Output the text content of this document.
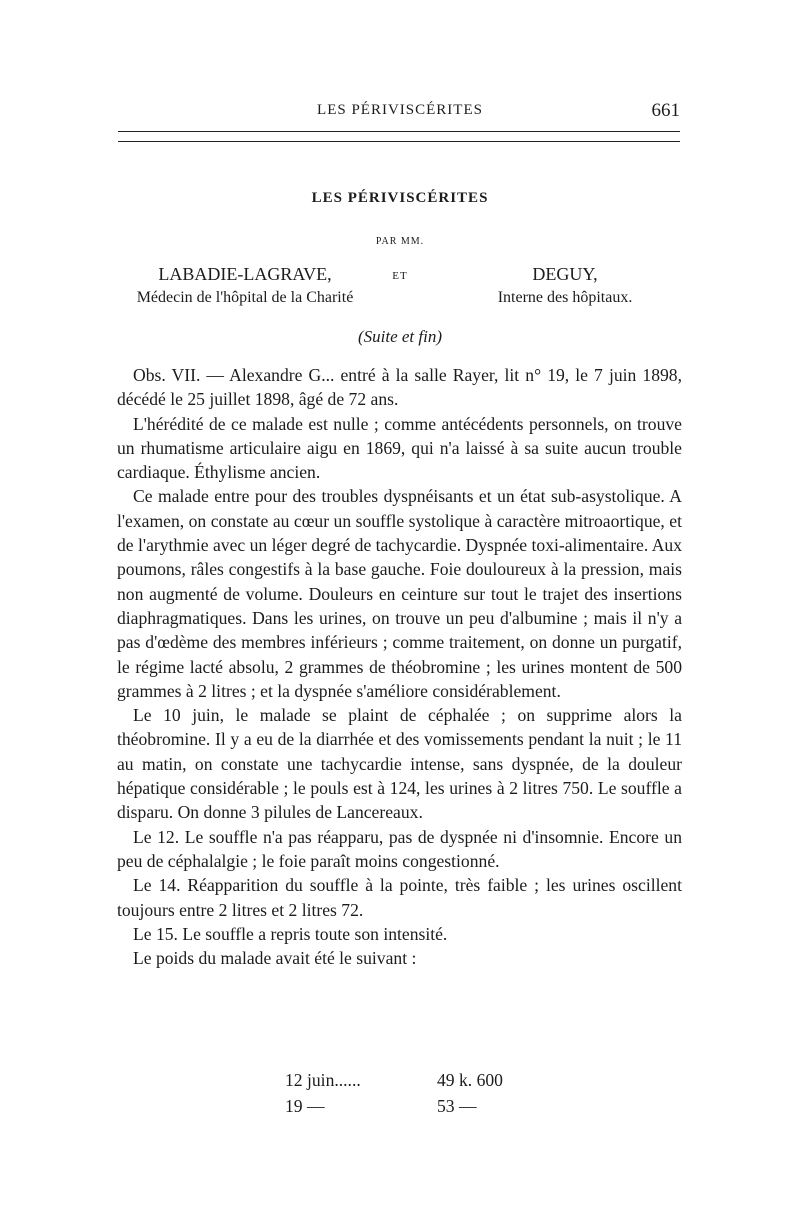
LES PÉRIVISCÉRITES	661
LES PÉRIVISCÉRITES
PAR MM.
LABADIE-LAGRAVE,
Médecin de l'hôpital de la Charité
ET	DEGUY,
Interne des hôpitaux.
(Suite et fin)

Obs. VII. — Alexandre G... entré à la salle Rayer, lit n° 19, le 7 juin 1898, décédé le 25 juillet 1898, âgé de 72 ans.

L'hérédité de ce malade est nulle ; comme antécédents personnels, on trouve un rhumatisme articulaire aigu en 1869, qui n'a laissé à sa suite aucun trouble cardiaque. Éthylisme ancien.

Ce malade entre pour des troubles dyspnéisants et un état sub-asystolique. A l'examen, on constate au cœur un souffle systolique à caractère mitroaortique, et de l'arythmie avec un léger degré de tachycardie. Dyspnée toxi-alimentaire. Aux poumons, râles congestifs à la base gauche. Foie douloureux à la pression, mais non augmenté de volume. Douleurs en ceinture sur tout le trajet des insertions diaphragmatiques. Dans les urines, on trouve un peu d'albumine ; mais il n'y a pas d'œdème des membres inférieurs ; comme traitement, on donne un purgatif, le régime lacté absolu, 2 grammes de théobromine ; les urines montent de 500 grammes à 2 litres ; et la dyspnée s'améliore considérablement.

Le 10 juin, le malade se plaint de céphalée ; on supprime alors la théobromine. Il y a eu de la diarrhée et des vomissements pendant la nuit ; le 11 au matin, on constate une tachycardie intense, sans dyspnée, de la douleur hépatique considérable ; le pouls est à 124, les urines à 2 litres 750. Le souffle a disparu. On donne 3 pilules de Lancereaux.

Le 12. Le souffle n'a pas réapparu, pas de dyspnée ni d'insomnie. Encore un peu de céphalalgie ; le foie paraît moins congestionné.

Le 14. Réapparition du souffle à la pointe, très faible ; les urines oscillent toujours entre 2 litres et 2 litres 72.

Le 15. Le souffle a repris toute son intensité.

Le poids du malade avait été le suivant :

12 juin......	49 k. 600
19 —	53 —
